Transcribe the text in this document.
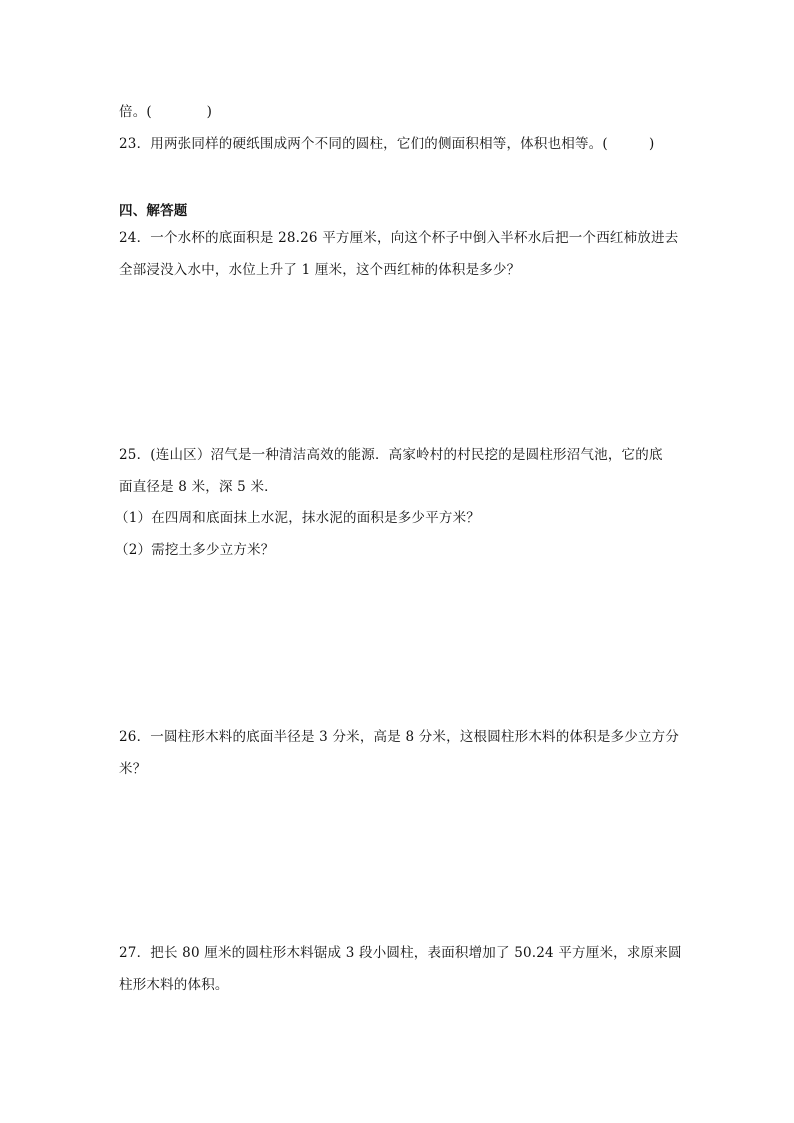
倍。(　　　　)
23．用两张同样的硬纸围成两个不同的圆柱，它们的侧面积相等，体积也相等。(　　　)
四、解答题
24．一个水杯的底面积是 28.26 平方厘米，向这个杯子中倒入半杯水后把一个西红柿放进去
全部浸没入水中，水位上升了 1 厘米，这个西红柿的体积是多少？
25．(连山区）沼气是一种清洁高效的能源．高家岭村的村民挖的是圆柱形沼气池，它的底
面直径是 8 米，深 5 米．
（1）在四周和底面抹上水泥，抹水泥的面积是多少平方米？
（2）需挖土多少立方米？
26．一圆柱形木料的底面半径是 3 分米，高是 8 分米，这根圆柱形木料的体积是多少立方分
米？
27．把长 80 厘米的圆柱形木料锯成 3 段小圆柱，表面积增加了 50.24 平方厘米，求原来圆
柱形木料的体积。
